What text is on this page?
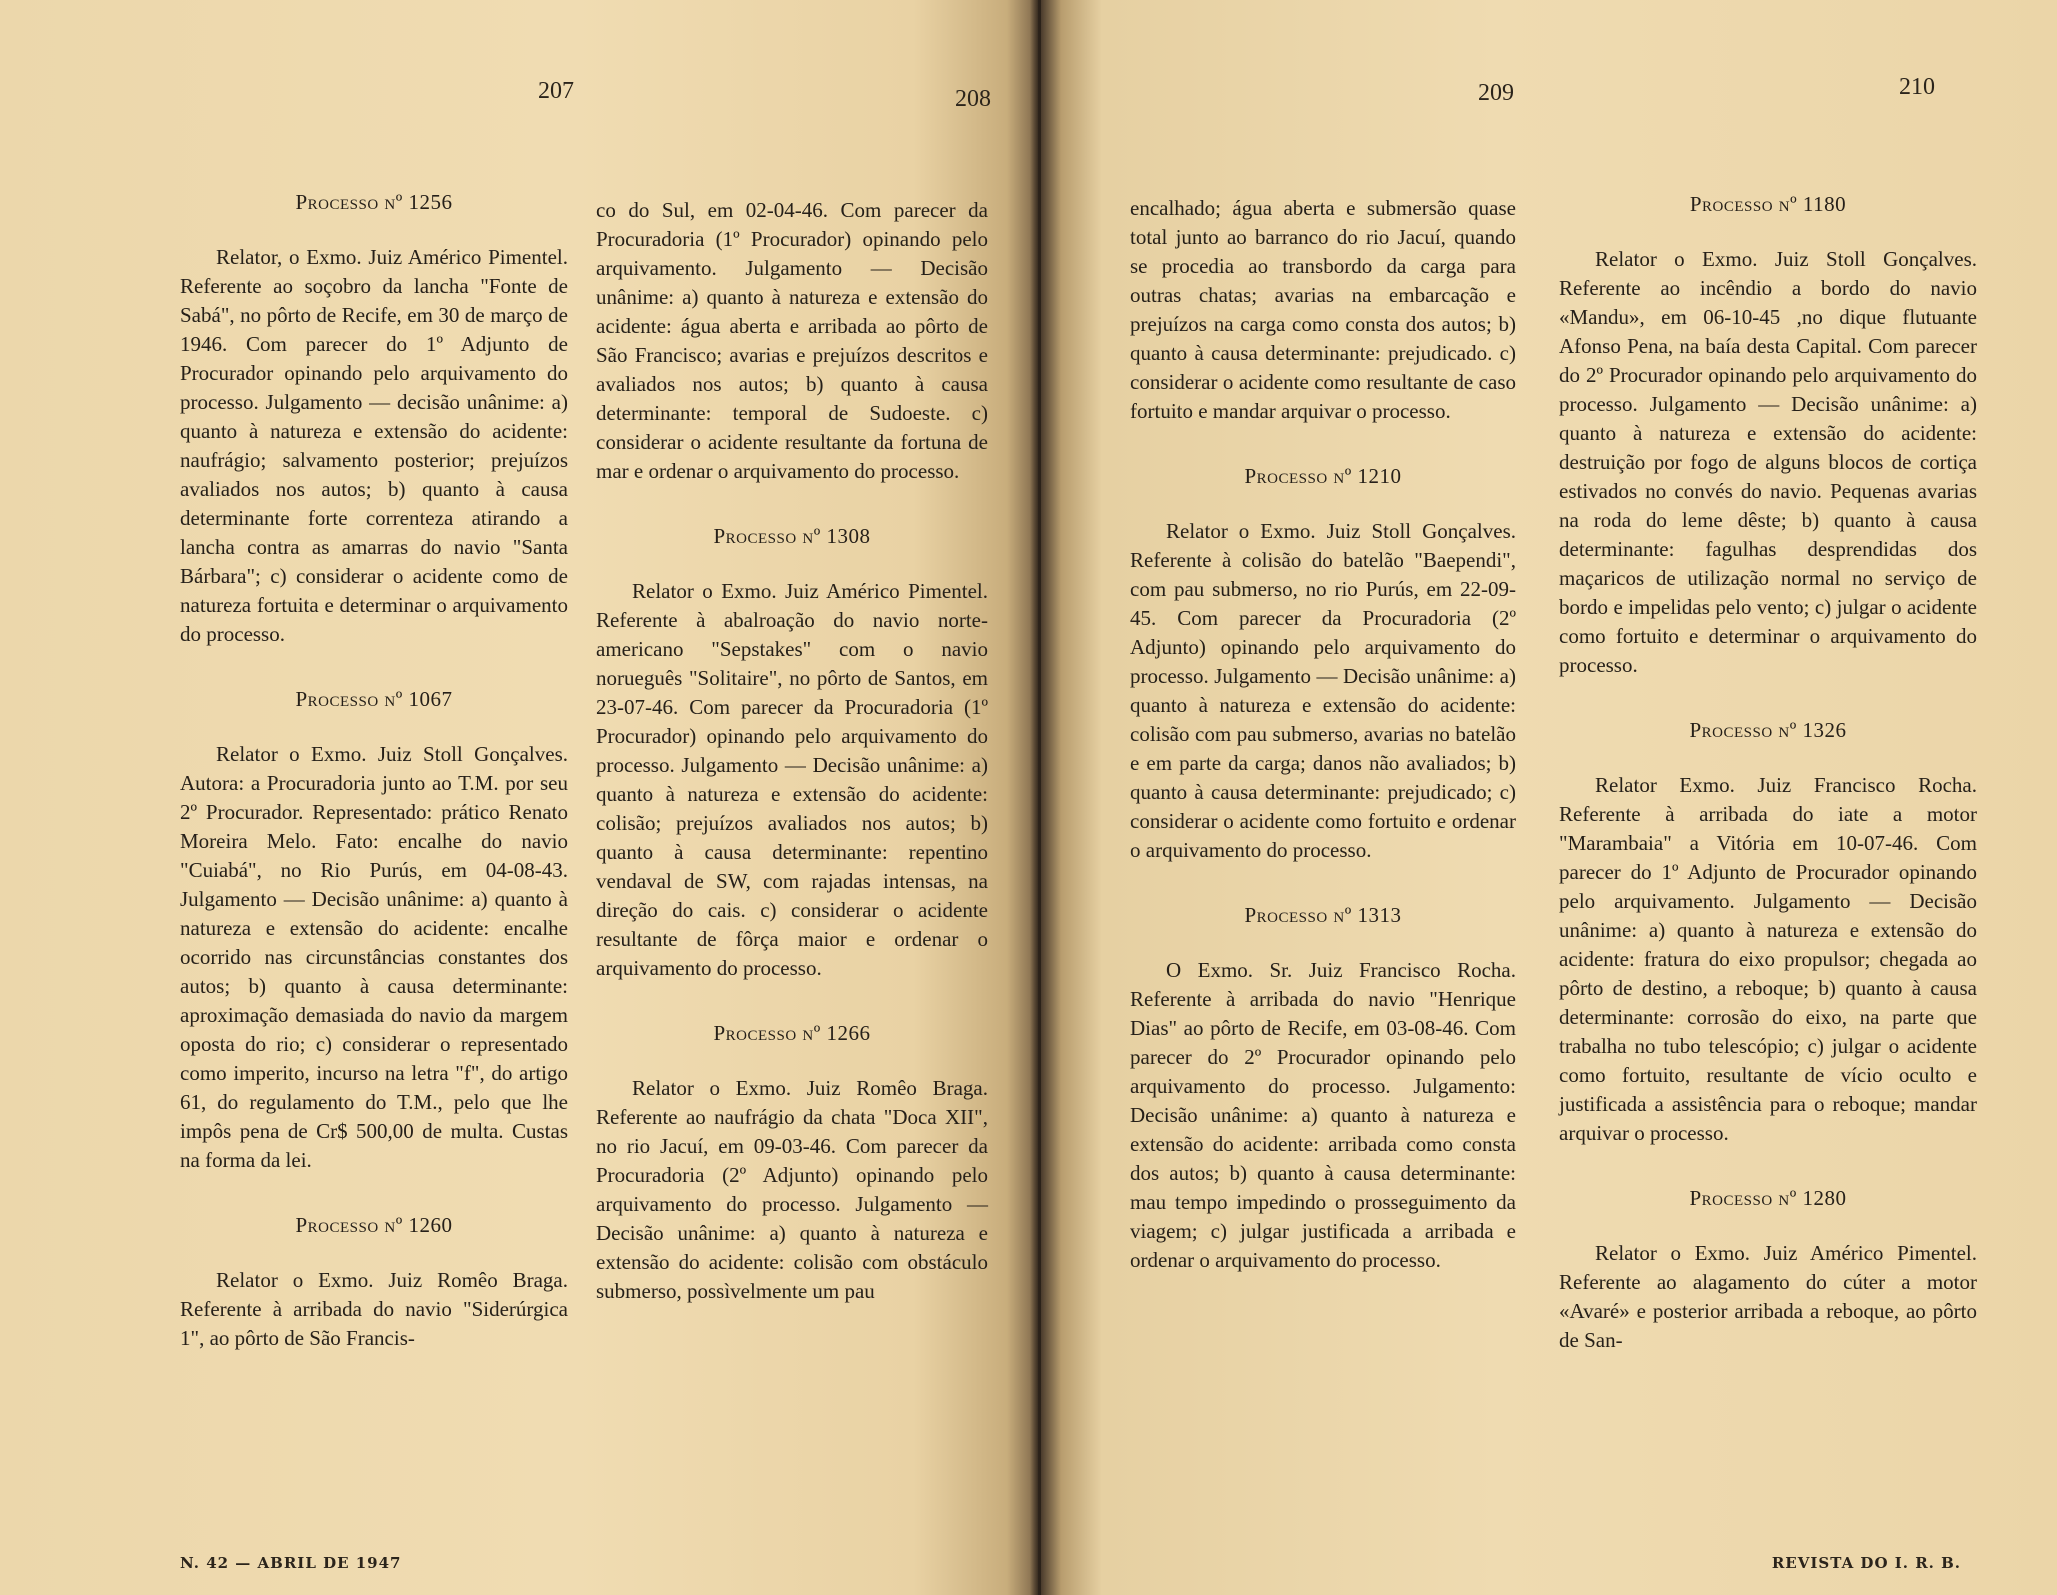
207	208
Processo nº 1256

Relator, o Exmo. Juiz Américo Pimentel. Referente ao soçobro da lancha "Fonte de Sabá", no pôrto de Recife, em 30 de março de 1946. Com parecer do 1º Adjunto de Procurador opinando pelo arquivamento do processo. Julgamento — decisão unânime: a) quanto à natureza e extensão do acidente: naufrágio; salvamento posterior; prejuízos avaliados nos autos; b) quanto à causa determinante forte correnteza atirando a lancha contra as amarras do navio "Santa Bárbara"; c) considerar o acidente como de natureza fortuita e determinar o arquivamento do processo.

Processo nº 1067

Relator o Exmo. Juiz Stoll Gonçalves. Autora: a Procuradoria junto ao T.M. por seu 2º Procurador. Representado: prático Renato Moreira Melo. Fato: encalhe do navio "Cuiabá", no Rio Purús, em 04-08-43. Julgamento — Decisão unânime: a) quanto à natureza e extensão do acidente: encalhe ocorrido nas circunstâncias constantes dos autos; b) quanto à causa determinante: aproximação demasiada do navio da margem oposta do rio; c) considerar o representado como imperito, incurso na letra "f", do artigo 61, do regulamento do T.M., pelo que lhe impôs pena de Cr$ 500,00 de multa. Custas na forma da lei.

Processo nº 1260

Relator o Exmo. Juiz Romêo Braga. Referente à arribada do navio "Siderúrgica 1", ao pôrto de São Francis-

co do Sul, em 02-04-46. Com parecer da Procuradoria (1º Procurador) opinando pelo arquivamento. Julgamento — Decisão unânime: a) quanto à natureza e extensão do acidente: água aberta e arribada ao pôrto de São Francisco; avarias e prejuízos descritos e avaliados nos autos; b) quanto à causa determinante: temporal de Sudoeste. c) considerar o acidente resultante da fortuna de mar e ordenar o arquivamento do processo.

Processo nº 1308

Relator o Exmo. Juiz Américo Pimentel. Referente à abalroação do navio norte-americano "Sepstakes" com o navio norueguês "Solitaire", no pôrto de Santos, em 23-07-46. Com parecer da Procuradoria (1º Procurador) opinando pelo arquivamento do processo. Julgamento — Decisão unânime: a) quanto à natureza e extensão do acidente: colisão; prejuízos avaliados nos autos; b) quanto à causa determinante: repentino vendaval de SW, com rajadas intensas, na direção do cais. c) considerar o acidente resultante de fôrça maior e ordenar o arquivamento do processo.

Processo nº 1266

Relator o Exmo. Juiz Romêo Braga. Referente ao naufrágio da chata "Doca XII", no rio Jacuí, em 09-03-46. Com parecer da Procuradoria (2º Adjunto) opinando pelo arquivamento do processo. Julgamento — Decisão unânime: a) quanto à natureza e extensão do acidente: colisão com obstáculo submerso, possìvelmente um pau

N. 42 — ABRIL DE 1947
209	210

encalhado; água aberta e submersão quase total junto ao barranco do rio Jacuí, quando se procedia ao transbordo da carga para outras chatas; avarias na embarcação e prejuízos na carga como consta dos autos; b) quanto à causa determinante: prejudicado. c) considerar o acidente como resultante de caso fortuito e mandar arquivar o processo.

Processo nº 1210

Relator o Exmo. Juiz Stoll Gonçalves. Referente à colisão do batelão "Baependi", com pau submerso, no rio Purús, em 22-09-45. Com parecer da Procuradoria (2º Adjunto) opinando pelo arquivamento do processo. Julgamento — Decisão unânime: a) quanto à natureza e extensão do acidente: colisão com pau submerso, avarias no batelão e em parte da carga; danos não avaliados; b) quanto à causa determinante: prejudicado; c) considerar o acidente como fortuito e ordenar o arquivamento do processo.

Processo nº 1313

O Exmo. Sr. Juiz Francisco Rocha. Referente à arribada do navio "Henrique Dias" ao pôrto de Recife, em 03-08-46. Com parecer do 2º Procurador opinando pelo arquivamento do processo. Julgamento: Decisão unânime: a) quanto à natureza e extensão do acidente: arribada como consta dos autos; b) quanto à causa determinante: mau tempo impedindo o prosseguimento da viagem; c) julgar justificada a arribada e ordenar o arquivamento do processo.

Processo nº 1180

Relator o Exmo. Juiz Stoll Gonçalves. Referente ao incêndio a bordo do navio «Mandu», em 06-10-45 ,no dique flutuante Afonso Pena, na baía desta Capital. Com parecer do 2º Procurador opinando pelo arquivamento do processo. Julgamento — Decisão unânime: a) quanto à natureza e extensão do acidente: destruição por fogo de alguns blocos de cortiça estivados no convés do navio. Pequenas avarias na roda do leme dêste; b) quanto à causa determinante: fagulhas desprendidas dos maçaricos de utilização normal no serviço de bordo e impelidas pelo vento; c) julgar o acidente como fortuito e determinar o arquivamento do processo.

Processo nº 1326

Relator Exmo. Juiz Francisco Rocha. Referente à arribada do iate a motor "Marambaia" a Vitória em 10-07-46. Com parecer do 1º Adjunto de Procurador opinando pelo arquivamento. Julgamento — Decisão unânime: a) quanto à natureza e extensão do acidente: fratura do eixo propulsor; chegada ao pôrto de destino, a reboque; b) quanto à causa determinante: corrosão do eixo, na parte que trabalha no tubo telescópio; c) julgar o acidente como fortuito, resultante de vício oculto e justificada a assistência para o reboque; mandar arquivar o processo.

Processo nº 1280

Relator o Exmo. Juiz Américo Pimentel. Referente ao alagamento do cúter a motor «Avaré» e posterior arribada a reboque, ao pôrto de San-

REVISTA DO I. R. B.
